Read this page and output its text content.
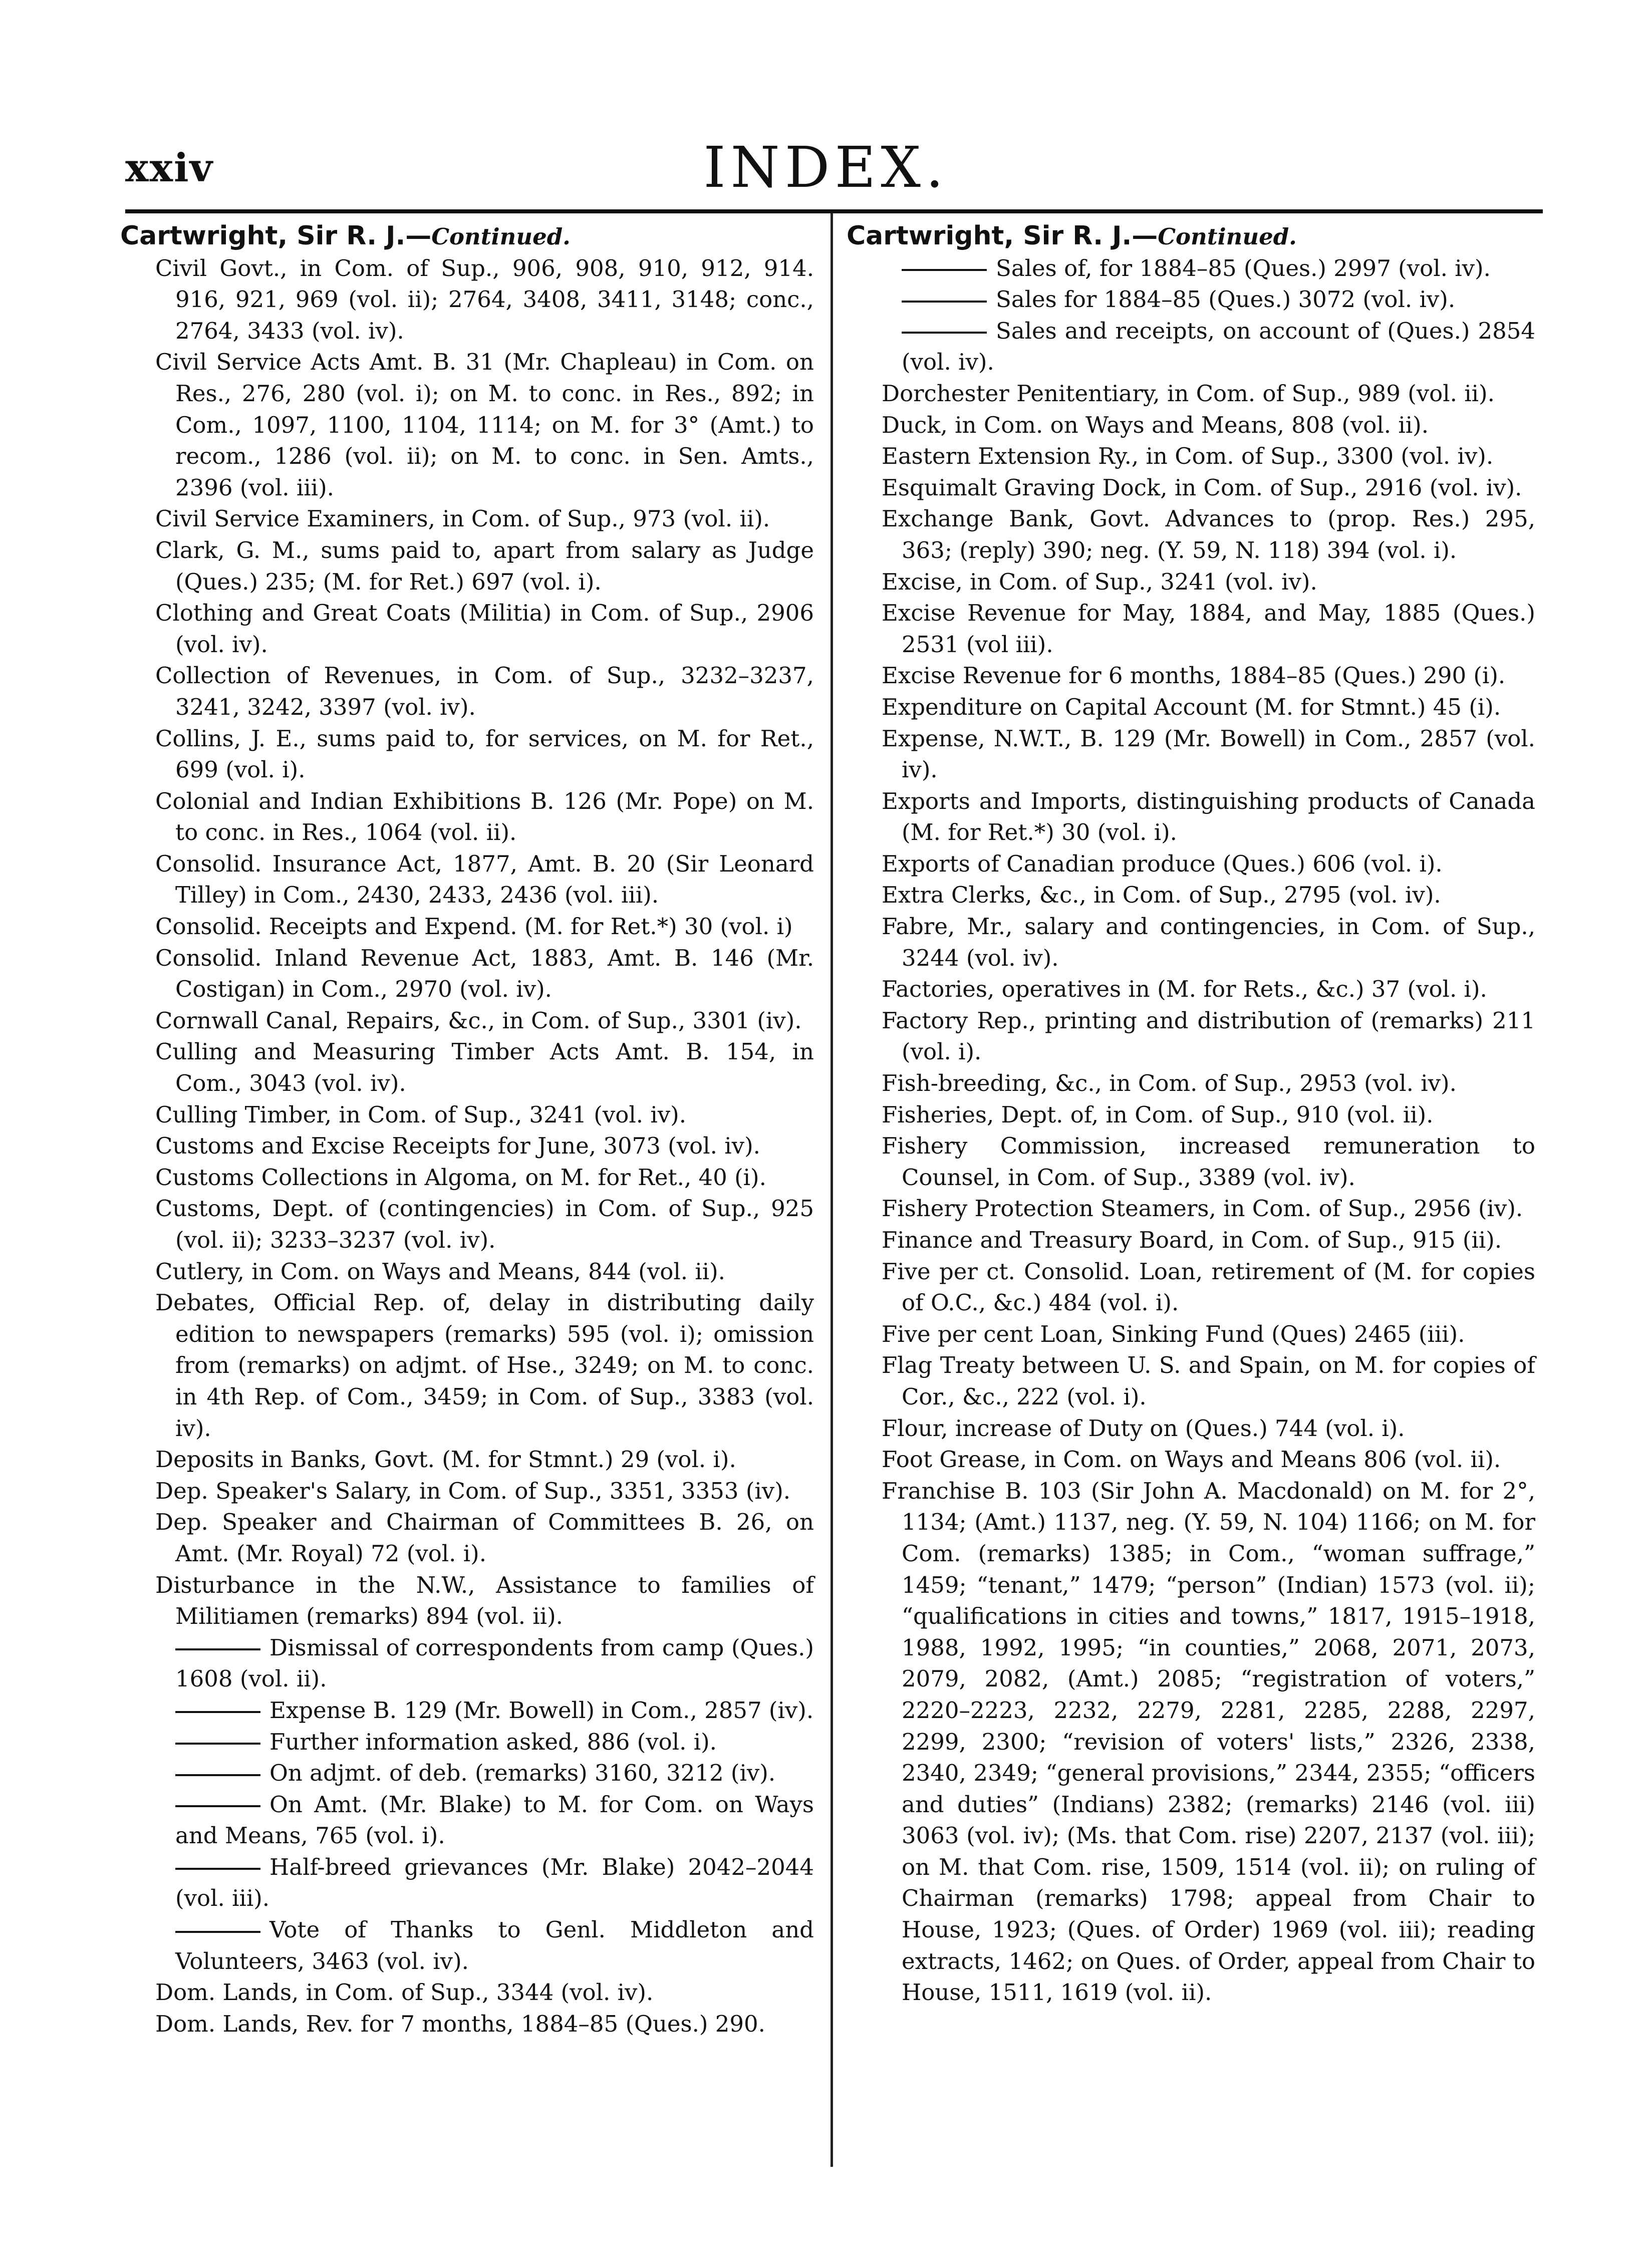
xxiv	INDEX.
Cartwright, Sir R. J.—Continued.

Civil Govt., in Com. of Sup., 906, 908, 910, 912, 914. 916, 921, 969 (vol. ii); 2764, 3408, 3411, 3148; conc., 2764, 3433 (vol. iv).

Civil Service Acts Amt. B. 31 (Mr. Chapleau) in Com. on Res., 276, 280 (vol. i); on M. to conc. in Res., 892; in Com., 1097, 1100, 1104, 1114; on M. for 3° (Amt.) to recom., 1286 (vol. ii); on M. to conc. in Sen. Amts., 2396 (vol. iii).

Civil Service Examiners, in Com. of Sup., 973 (vol. ii).

Clark, G. M., sums paid to, apart from salary as Judge (Ques.) 235; (M. for Ret.) 697 (vol. i).

Clothing and Great Coats (Militia) in Com. of Sup., 2906 (vol. iv).

Collection of Revenues, in Com. of Sup., 3232–3237, 3241, 3242, 3397 (vol. iv).

Collins, J. E., sums paid to, for services, on M. for Ret., 699 (vol. i).

Colonial and Indian Exhibitions B. 126 (Mr. Pope) on M. to conc. in Res., 1064 (vol. ii).

Consolid. Insurance Act, 1877, Amt. B. 20 (Sir Leonard Tilley) in Com., 2430, 2433, 2436 (vol. iii).

Consolid. Receipts and Expend. (M. for Ret.*) 30 (vol. i)

Consolid. Inland Revenue Act, 1883, Amt. B. 146 (Mr. Costigan) in Com., 2970 (vol. iv).

Cornwall Canal, Repairs, &c., in Com. of Sup., 3301 (iv).

Culling and Measuring Timber Acts Amt. B. 154, in Com., 3043 (vol. iv).

Culling Timber, in Com. of Sup., 3241 (vol. iv).

Customs and Excise Receipts for June, 3073 (vol. iv).

Customs Collections in Algoma, on M. for Ret., 40 (i).

Customs, Dept. of (contingencies) in Com. of Sup., 925 (vol. ii); 3233–3237 (vol. iv).

Cutlery, in Com. on Ways and Means, 844 (vol. ii).

Debates, Official Rep. of, delay in distributing daily edition to newspapers (remarks) 595 (vol. i); omission from (remarks) on adjmt. of Hse., 3249; on M. to conc. in 4th Rep. of Com., 3459; in Com. of Sup., 3383 (vol. iv).

Deposits in Banks, Govt. (M. for Stmnt.) 29 (vol. i).

Dep. Speaker's Salary, in Com. of Sup., 3351, 3353 (iv).

Dep. Speaker and Chairman of Committees B. 26, on Amt. (Mr. Royal) 72 (vol. i).

Disturbance in the N.W., Assistance to families of Militiamen (remarks) 894 (vol. ii).

Dismissal of correspondents from camp (Ques.) 1608 (vol. ii).

Expense B. 129 (Mr. Bowell) in Com., 2857 (iv).

Further information asked, 886 (vol. i).

On adjmt. of deb. (remarks) 3160, 3212 (iv).

On Amt. (Mr. Blake) to M. for Com. on Ways and Means, 765 (vol. i).

Half-breed grievances (Mr. Blake) 2042–2044 (vol. iii).

Vote of Thanks to Genl. Middleton and Volunteers, 3463 (vol. iv).

Dom. Lands, in Com. of Sup., 3344 (vol. iv).

Dom. Lands, Rev. for 7 months, 1884–85 (Ques.) 290.

Cartwright, Sir R. J.—Continued.

Sales of, for 1884–85 (Ques.) 2997 (vol. iv).

Sales for 1884–85 (Ques.) 3072 (vol. iv).

Sales and receipts, on account of (Ques.) 2854 (vol. iv).

Dorchester Penitentiary, in Com. of Sup., 989 (vol. ii).

Duck, in Com. on Ways and Means, 808 (vol. ii).

Eastern Extension Ry., in Com. of Sup., 3300 (vol. iv).

Esquimalt Graving Dock, in Com. of Sup., 2916 (vol. iv).

Exchange Bank, Govt. Advances to (prop. Res.) 295, 363; (reply) 390; neg. (Y. 59, N. 118) 394 (vol. i).

Excise, in Com. of Sup., 3241 (vol. iv).

Excise Revenue for May, 1884, and May, 1885 (Ques.) 2531 (vol iii).

Excise Revenue for 6 months, 1884–85 (Ques.) 290 (i).

Expenditure on Capital Account (M. for Stmnt.) 45 (i).

Expense, N.W.T., B. 129 (Mr. Bowell) in Com., 2857 (vol. iv).

Exports and Imports, distinguishing products of Canada (M. for Ret.*) 30 (vol. i).

Exports of Canadian produce (Ques.) 606 (vol. i).

Extra Clerks, &c., in Com. of Sup., 2795 (vol. iv).

Fabre, Mr., salary and contingencies, in Com. of Sup., 3244 (vol. iv).

Factories, operatives in (M. for Rets., &c.) 37 (vol. i).

Factory Rep., printing and distribution of (remarks) 211 (vol. i).

Fish-breeding, &c., in Com. of Sup., 2953 (vol. iv).

Fisheries, Dept. of, in Com. of Sup., 910 (vol. ii).

Fishery Commission, increased remuneration to Counsel, in Com. of Sup., 3389 (vol. iv).

Fishery Protection Steamers, in Com. of Sup., 2956 (iv).

Finance and Treasury Board, in Com. of Sup., 915 (ii).

Five per ct. Consolid. Loan, retirement of (M. for copies of O.C., &c.) 484 (vol. i).

Five per cent Loan, Sinking Fund (Ques) 2465 (iii).

Flag Treaty between U. S. and Spain, on M. for copies of Cor., &c., 222 (vol. i).

Flour, increase of Duty on (Ques.) 744 (vol. i).

Foot Grease, in Com. on Ways and Means 806 (vol. ii).

Franchise B. 103 (Sir John A. Macdonald) on M. for 2°, 1134; (Amt.) 1137, neg. (Y. 59, N. 104) 1166; on M. for Com. (remarks) 1385; in Com., “woman suffrage,” 1459; “tenant,” 1479; “person” (Indian) 1573 (vol. ii); “qualifications in cities and towns,” 1817, 1915–1918, 1988, 1992, 1995; “in counties,” 2068, 2071, 2073, 2079, 2082, (Amt.) 2085; “registration of voters,” 2220–2223, 2232, 2279, 2281, 2285, 2288, 2297, 2299, 2300; “revision of voters' lists,” 2326, 2338, 2340, 2349; “general provisions,” 2344, 2355; “officers and duties” (Indians) 2382; (remarks) 2146 (vol. iii) 3063 (vol. iv); (Ms. that Com. rise) 2207, 2137 (vol. iii); on M. that Com. rise, 1509, 1514 (vol. ii); on ruling of Chairman (remarks) 1798; appeal from Chair to House, 1923; (Ques. of Order) 1969 (vol. iii); reading extracts, 1462; on Ques. of Order, appeal from Chair to House, 1511, 1619 (vol. ii).
